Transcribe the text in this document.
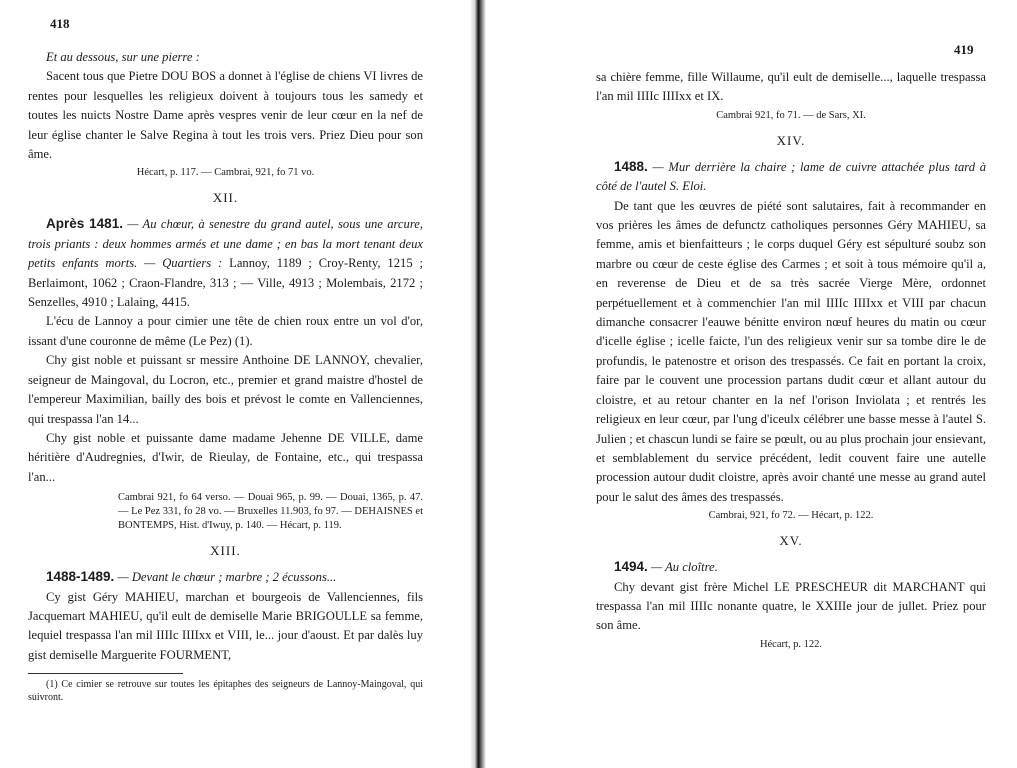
418

Et au dessous, sur une pierre :

Sacent tous que Pietre DOU BOS a donnet à l'église de chiens VI livres de rentes pour lesquelles les religieux doivent à toujours tous les samedy et toutes les nuicts Nostre Dame après vespres venir de leur cœur en la nef de leur église chanter le Salve Regina à tout les trois vers. Priez Dieu pour son âme.

Hécart, p. 117. — Cambrai, 921, fo 71 vo.

XII.

Après 1481. — Au chœur, à senestre du grand autel, sous une arcure, trois priants : deux hommes armés et une dame ; en bas la mort tenant deux petits enfants morts. — Quartiers : Lannoy, 1189 ; Croy-Renty, 1215 ; Berlaimont, 1062 ; Craon-Flandre, 313 ; — Ville, 4913 ; Molembais, 2172 ; Senzelles, 4910 ; Lalaing, 4415.

L'écu de Lannoy a pour cimier une tête de chien roux entre un vol d'or, issant d'une couronne de même (Le Pez) (1).

Chy gist noble et puissant sr messire Anthoine DE LANNOY, chevalier, seigneur de Maingoval, du Locron, etc., premier et grand maistre d'hostel de l'empereur Maximilian, bailly des bois et prévost le comte en Vallenciennes, qui trespassa l'an 14...

Chy gist noble et puissante dame madame Jehenne DE VILLE, dame héritière d'Audregnies, d'Iwir, de Rieulay, de Fontaine, etc., qui trespassa l'an...

Cambrai 921, fo 64 verso. — Douai 965, p. 99. — Douai, 1365, p. 47. — Le Pez 331, fo 28 vo. — Bruxelles 11.903, fo 97. — DEHAISNES et BONTEMPS, Hist. d'Iwuy, p. 140. — Hécart, p. 119.

XIII.

1488-1489. — Devant le chœur ; marbre ; 2 écussons...

Cy gist Géry MAHIEU, marchan et bourgeois de Vallenciennes, fils Jacquemart MAHIEU, qu'il eult de demiselle Marie BRIGOULLE sa femme, lequiel trespassa l'an mil IIIIc IIIIxx et VIII, le... jour d'aoust. Et par dalès luy gist demiselle Marguerite FOURMENT,

(1) Ce cimier se retrouve sur toutes les épitaphes des seigneurs de Lannoy-Maingoval, qui suivront.

419

sa chière femme, fille Willaume, qu'il eult de demiselle..., laquelle trespassa l'an mil IIIIc IIIIxx et IX.

Cambrai 921, fo 71. — de Sars, XI.

XIV.

1488. — Mur derrière la chaire ; lame de cuivre attachée plus tard à côté de l'autel S. Eloi.

De tant que les œuvres de piété sont salutaires, fait à recommander en vos prières les âmes de defunctz catholiques personnes Géry MAHIEU, sa femme, amis et bienfaitteurs ; le corps duquel Géry est sépulturé soubz son marbre ou cœur de ceste église des Carmes ; et soit à tous mémoire qu'il a, en reverense de Dieu et de sa très sacrée Vierge Mère, ordonnet perpétuellement et à commenchier l'an mil IIIIc IIIIxx et VIII par chacun dimanche consacrer l'eauwe bénitte environ nœuf heures du matin ou cœur d'icelle église ; icelle faicte, l'un des religieux venir sur sa tombe dire le de profundis, le patenostre et orison des trespassés. Ce fait en portant la croix, faire par le couvent une procession partans dudit cœur et allant autour du cloistre, et au retour chanter en la nef l'orison Inviolata ; et rentrés les religieux en leur cœur, par l'ung d'iceulx célébrer une basse messe à l'autel S. Julien ; et chascun lundi se faire se pœult, ou au plus prochain jour ensievant, et semblablement du service précédent, ledit couvent faire une autelle procession autour dudit cloistre, après avoir chanté une messe au grand autel pour le salut des âmes des trespassés.

Cambrai, 921, fo 72. — Hécart, p. 122.

XV.

1494. — Au cloître.

Chy devant gist frère Michel LE PRESCHEUR dit MARCHANT qui trespassa l'an mil IIIIc nonante quatre, le XXIIIe jour de jullet. Priez pour son âme.

Hécart, p. 122.
